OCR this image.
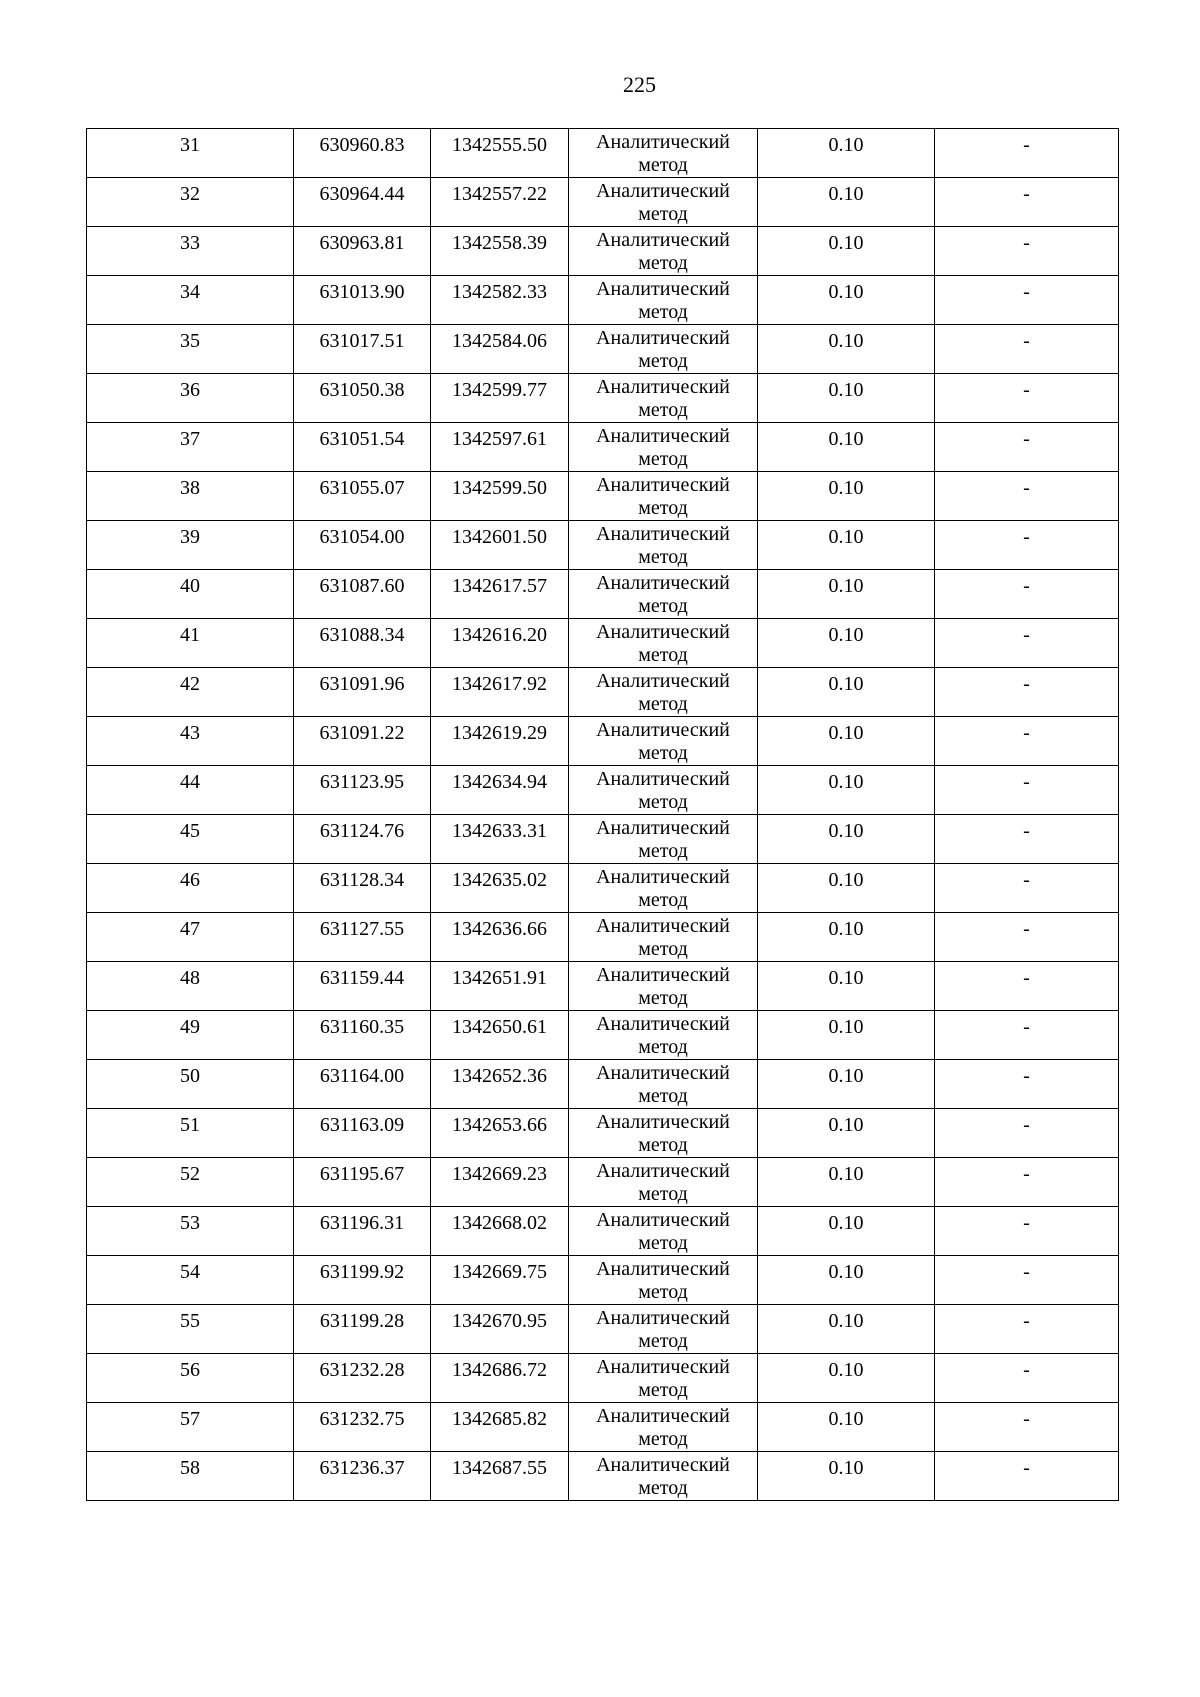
225
31	630960.83	1342555.50	Аналитический метод	0.10	-

32	630964.44	1342557.22	Аналитический метод	0.10	-

33	630963.81	1342558.39	Аналитический метод	0.10	-

34	631013.90	1342582.33	Аналитический метод	0.10	-

35	631017.51	1342584.06	Аналитический метод	0.10	-

36	631050.38	1342599.77	Аналитический метод	0.10	-

37	631051.54	1342597.61	Аналитический метод	0.10	-

38	631055.07	1342599.50	Аналитический метод	0.10	-

39	631054.00	1342601.50	Аналитический метод	0.10	-

40	631087.60	1342617.57	Аналитический метод	0.10	-

41	631088.34	1342616.20	Аналитический метод	0.10	-

42	631091.96	1342617.92	Аналитический метод	0.10	-

43	631091.22	1342619.29	Аналитический метод	0.10	-

44	631123.95	1342634.94	Аналитический метод	0.10	-

45	631124.76	1342633.31	Аналитический метод	0.10	-

46	631128.34	1342635.02	Аналитический метод	0.10	-

47	631127.55	1342636.66	Аналитический метод	0.10	-

48	631159.44	1342651.91	Аналитический метод	0.10	-

49	631160.35	1342650.61	Аналитический метод	0.10	-

50	631164.00	1342652.36	Аналитический метод	0.10	-

51	631163.09	1342653.66	Аналитический метод	0.10	-

52	631195.67	1342669.23	Аналитический метод	0.10	-

53	631196.31	1342668.02	Аналитический метод	0.10	-

54	631199.92	1342669.75	Аналитический метод	0.10	-

55	631199.28	1342670.95	Аналитический метод	0.10	-

56	631232.28	1342686.72	Аналитический метод	0.10	-

57	631232.75	1342685.82	Аналитический метод	0.10	-

58	631236.37	1342687.55	Аналитический метод	0.10	-
